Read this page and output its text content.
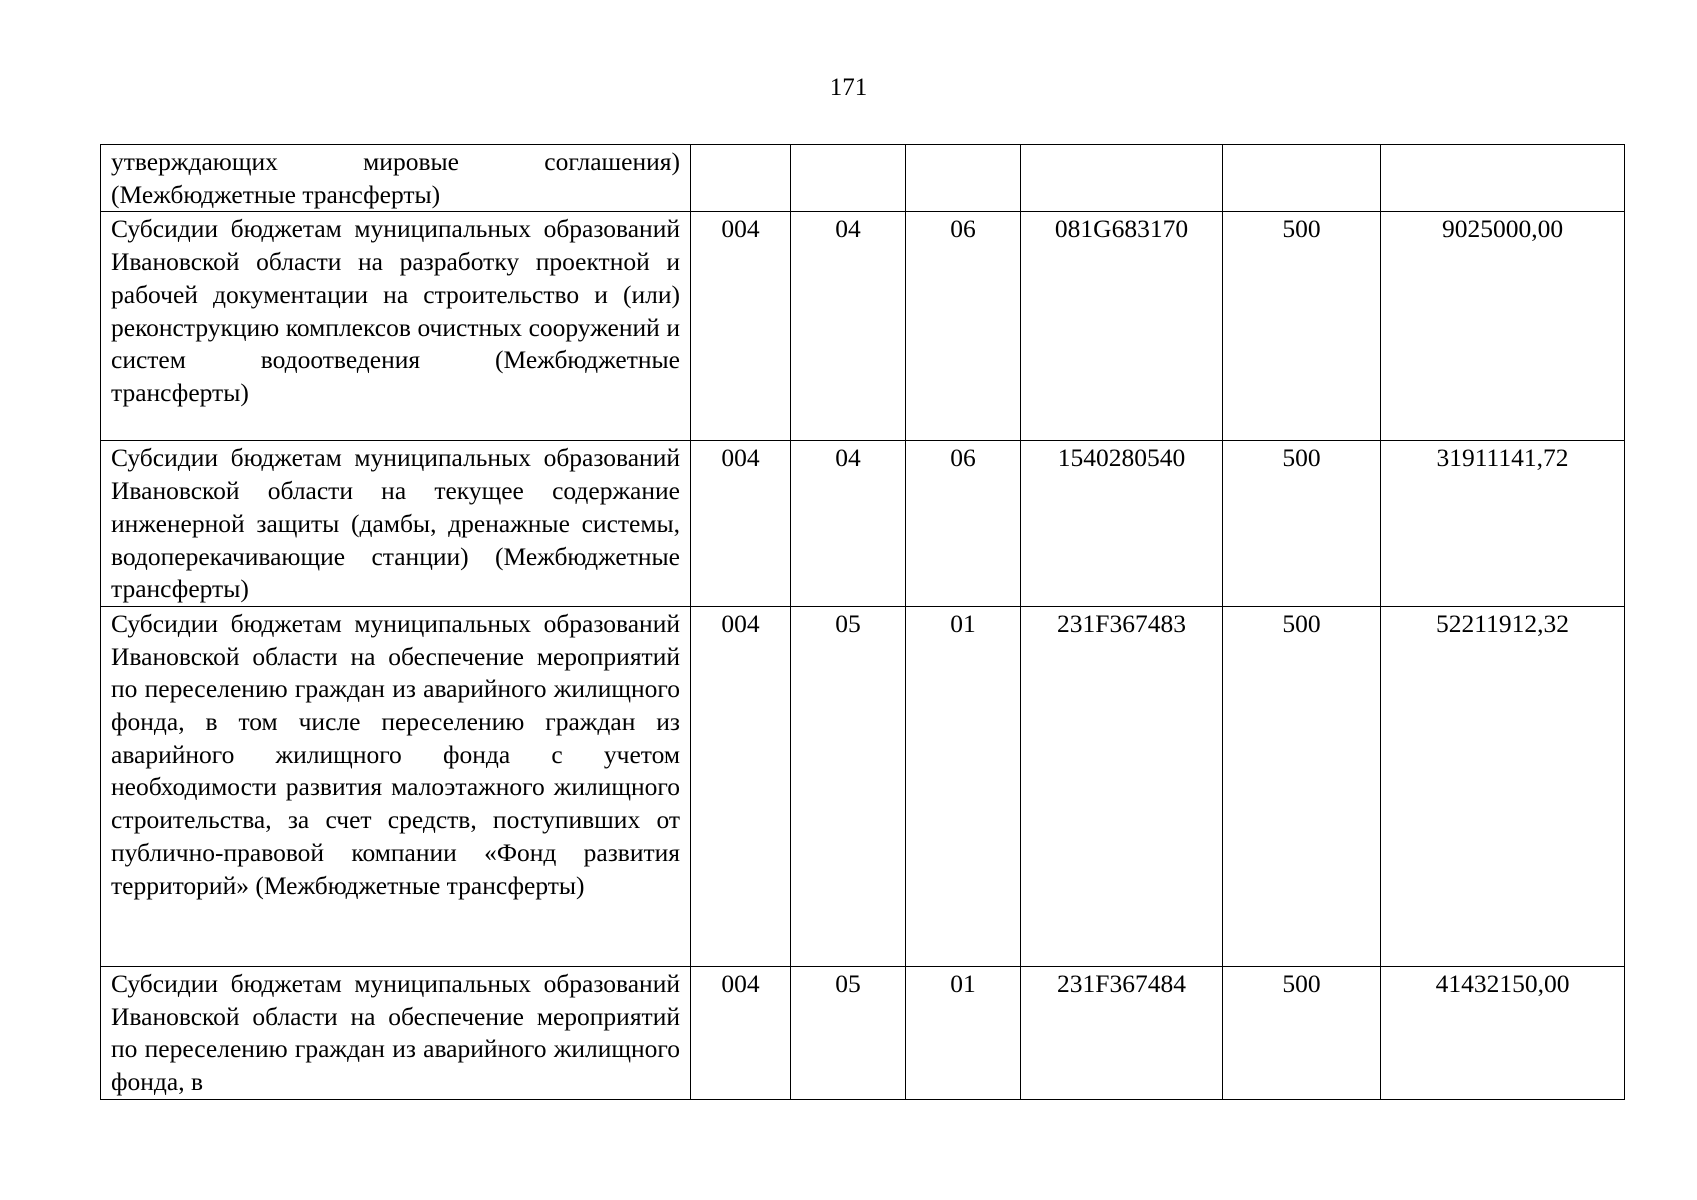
171
утверждающих мировые соглашения) (Межбюджетные трансферты)						
Субсидии бюджетам муниципальных образований Ивановской области на разработку проектной и рабочей документации на строительство и (или) реконструкцию комплексов очистных сооружений и систем водоотведения (Межбюджетные трансферты)	004	04	06	081G683170	500	9025000,00
Субсидии бюджетам муниципальных образований Ивановской области на текущее содержание инженерной защиты (дамбы, дренажные системы, водоперекачивающие станции) (Межбюджетные трансферты)	004	04	06	1540280540	500	31911141,72
Субсидии бюджетам муниципальных образований Ивановской области на обеспечение мероприятий по переселению граждан из аварийного жилищного фонда, в том числе переселению граждан из аварийного жилищного фонда с учетом необходимости развития малоэтажного жилищного строительства, за счет средств, поступивших от публично-правовой компании «Фонд развития территорий» (Межбюджетные трансферты)	004	05	01	231F367483	500	52211912,32
Субсидии бюджетам муниципальных образований Ивановской области на обеспечение мероприятий по переселению граждан из аварийного жилищного фонда, в	004	05	01	231F367484	500	41432150,00
